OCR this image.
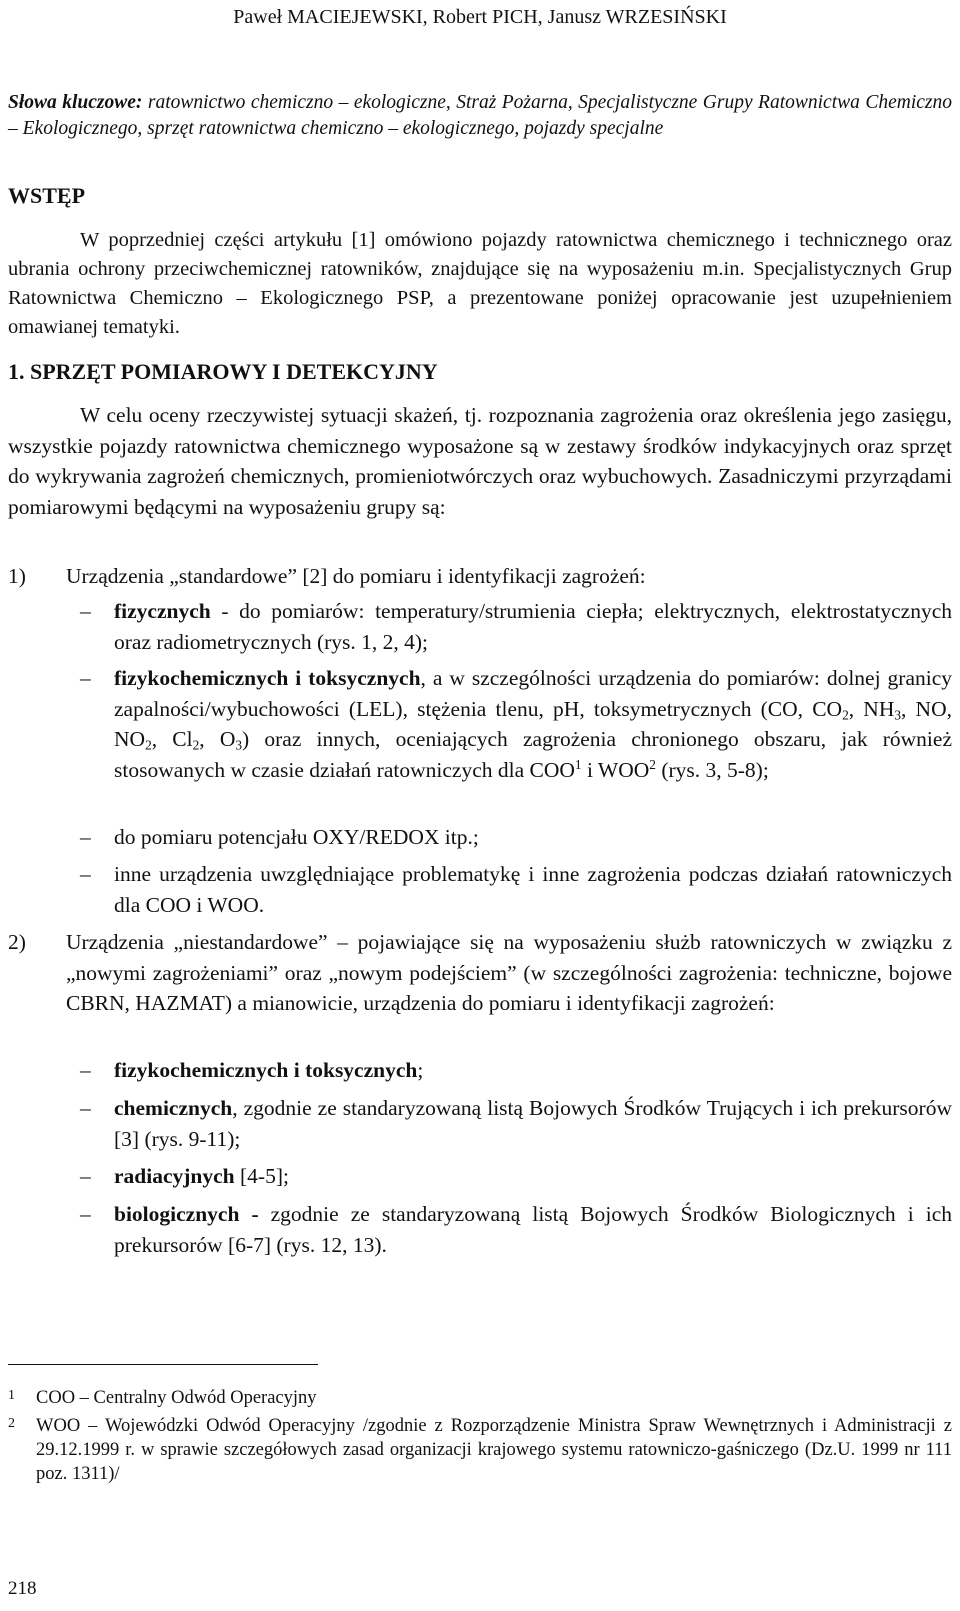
Paweł MACIEJEWSKI, Robert PICH, Janusz WRZESIŃSKI
Słowa kluczowe: ratownictwo chemiczno – ekologiczne, Straż Pożarna, Specjalistyczne Grupy Ratownictwa Chemiczno – Ekologicznego, sprzęt ratownictwa chemiczno – ekologicznego, pojazdy specjalne
WSTĘP
W poprzedniej części artykułu [1] omówiono pojazdy ratownictwa chemicznego i technicznego oraz ubrania ochrony przeciwchemicznej ratowników, znajdujące się na wyposażeniu m.in. Specjalistycznych Grup Ratownictwa Chemiczno – Ekologicznego PSP, a prezentowane poniżej opracowanie jest uzupełnieniem omawianej tematyki.
1. SPRZĘT POMIAROWY I DETEKCYJNY
W celu oceny rzeczywistej sytuacji skażeń, tj. rozpoznania zagrożenia oraz określenia jego zasięgu, wszystkie pojazdy ratownictwa chemicznego wyposażone są w zestawy środków indykacyjnych oraz sprzęt do wykrywania zagrożeń chemicznych, promieniotwórczych oraz wybuchowych. Zasadniczymi przyrządami pomiarowymi będącymi na wyposażeniu grupy są:
1) Urządzenia „standardowe” [2] do pomiaru i identyfikacji zagrożeń:
–	fizycznych - do pomiarów: temperatury/strumienia ciepła; elektrycznych, elektrostatycznych oraz radiometrycznych (rys. 1, 2, 4);
–	fizykochemicznych i toksycznych, a w szczególności urządzenia do pomiarów: dolnej granicy zapalności/wybuchowości (LEL), stężenia tlenu, pH, toksymetrycznych (CO, $CO_2$, $NH_3$, NO, $NO_2$, $Cl_2$, $O_3$) oraz innych, oceniających zagrożenia chronionego obszaru, jak również stosowanych w czasie działań ratowniczych dla COO$^1$ i WOO$^2$ (rys. 3, 5-8);
–	do pomiaru potencjału OXY/REDOX itp.;
–	inne urządzenia uwzględniające problematykę i inne zagrożenia podczas działań ratowniczych dla COO i WOO.
2) Urządzenia „niestandardowe” – pojawiające się na wyposażeniu służb ratowniczych w związku z „nowymi zagrożeniami” oraz „nowym podejściem” (w szczególności zagrożenia: techniczne, bojowe CBRN, HAZMAT) a mianowicie, urządzenia do pomiaru i identyfikacji zagrożeń:
–	fizykochemicznych i toksycznych;
–	chemicznych, zgodnie ze standaryzowaną listą Bojowych Środków Trujących i ich prekursorów [3] (rys. 9-11);
–	radiacyjnych [4-5];
–	biologicznych - zgodnie ze standaryzowaną listą Bojowych Środków Biologicznych i ich prekursorów [6-7] (rys. 12, 13).
1 COO – Centralny Odwód Operacyjny
2 WOO – Wojewódzki Odwód Operacyjny /zgodnie z Rozporządzenie Ministra Spraw Wewnętrznych i Administracji z 29.12.1999 r. w sprawie szczegółowych zasad organizacji krajowego systemu ratowniczo-gaśniczego (Dz.U. 1999 nr 111 poz. 1311)/
218
